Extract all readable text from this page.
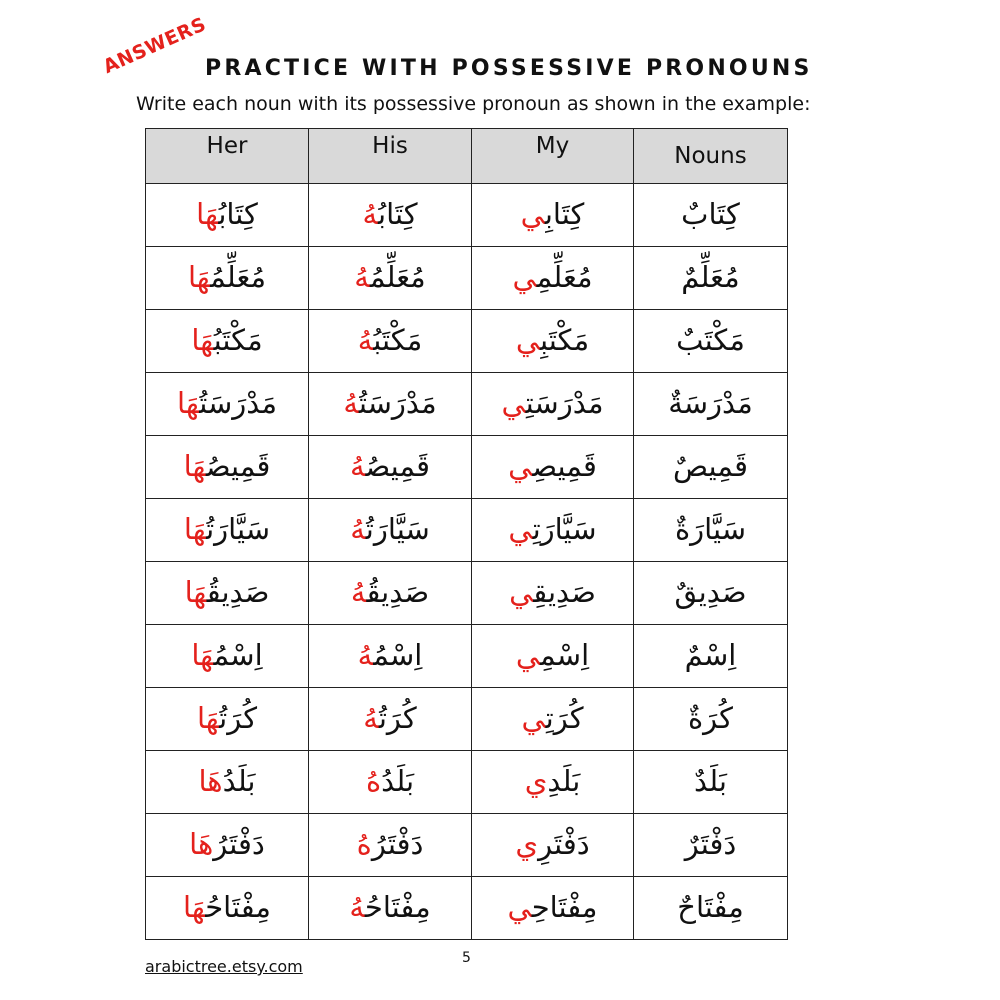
ANSWERS
PRACTICE WITH POSSESSIVE PRONOUNS
Write each noun with its possessive pronoun as shown in the example:
Her	His	My	Nouns
كِتَابُهَا	كِتَابُهُ	كِتَابِي	كِتَابٌ
مُعَلِّمُهَا	مُعَلِّمُهُ	مُعَلِّمِي	مُعَلِّمٌ
مَكْتَبُهَا	مَكْتَبُهُ	مَكْتَبِي	مَكْتَبٌ
مَدْرَسَتُهَا	مَدْرَسَتُهُ	مَدْرَسَتِي	مَدْرَسَةٌ
قَمِيصُهَا	قَمِيصُهُ	قَمِيصِي	قَمِيصٌ
سَيَّارَتُهَا	سَيَّارَتُهُ	سَيَّارَتِي	سَيَّارَةٌ
صَدِيقُهَا	صَدِيقُهُ	صَدِيقِي	صَدِيقٌ
اِسْمُهَا	اِسْمُهُ	اِسْمِي	اِسْمٌ
كُرَتُهَا	كُرَتُهُ	كُرَتِي	كُرَةٌ
بَلَدُهَا	بَلَدُهُ	بَلَدِي	بَلَدٌ
دَفْتَرُهَا	دَفْتَرُهُ	دَفْتَرِي	دَفْتَرٌ
مِفْتَاحُهَا	مِفْتَاحُهُ	مِفْتَاحِي	مِفْتَاحٌ
5
arabictree.etsy.com
